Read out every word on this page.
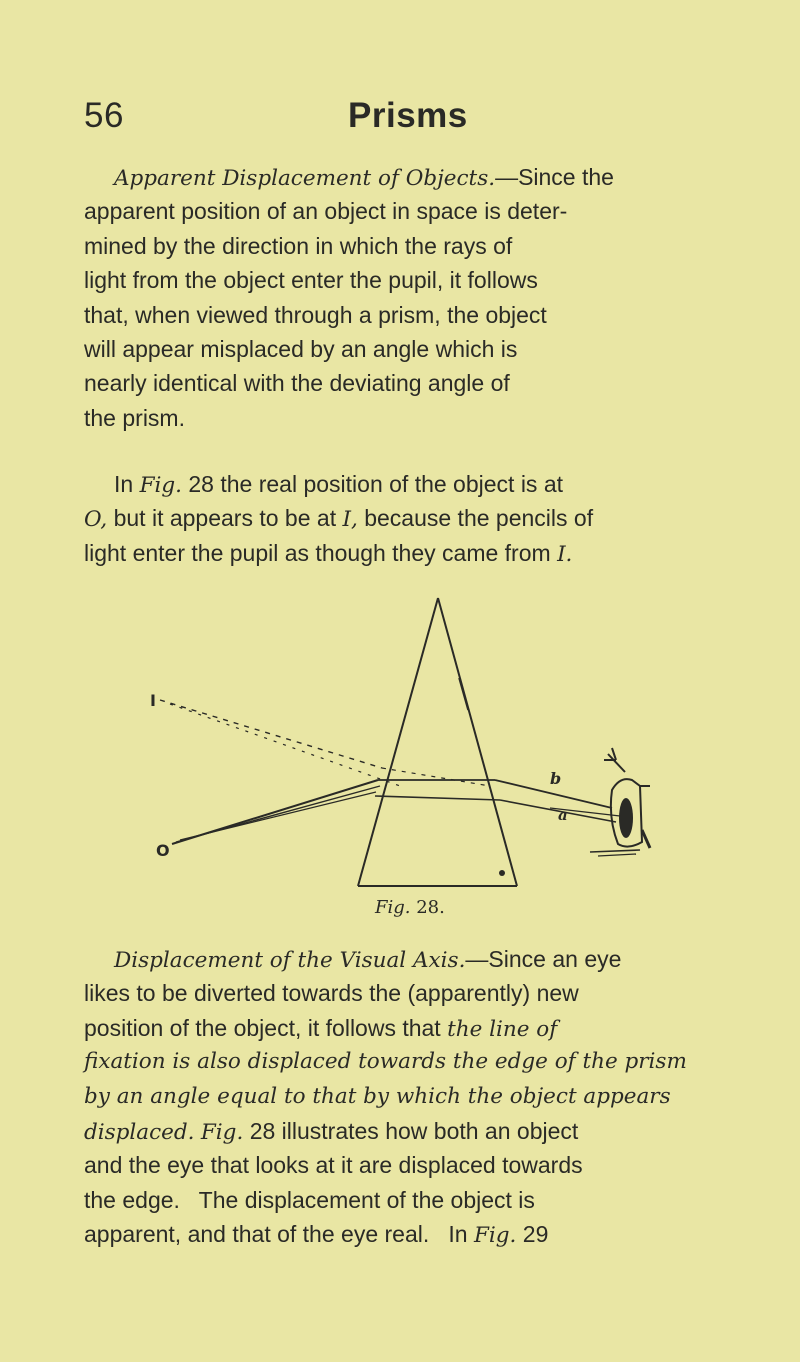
56	Prisms
Apparent Displacement of Objects.—Since the
apparent position of an object in space is deter-
mined by the direction in which the rays of
light from the object enter the pupil, it follows
that, when viewed through a prism, the object
will appear misplaced by an angle which is
nearly identical with the deviating angle of
the prism.
In Fig. 28 the real position of the object is at
O, but it appears to be at I, because the pencils of
light enter the pupil as though they came from I.
I
O
b
a
Fig. 28.
Displacement of the Visual Axis.—Since an eye
likes to be diverted towards the (apparently) new
position of the object, it follows that the line of
fixation is also displaced towards the edge of the prism
by an angle equal to that by which the object appears
displaced. Fig. 28 illustrates how both an object
and the eye that looks at it are displaced towards
the edge.   The displacement of the object is
apparent, and that of the eye real.   In Fig. 29
